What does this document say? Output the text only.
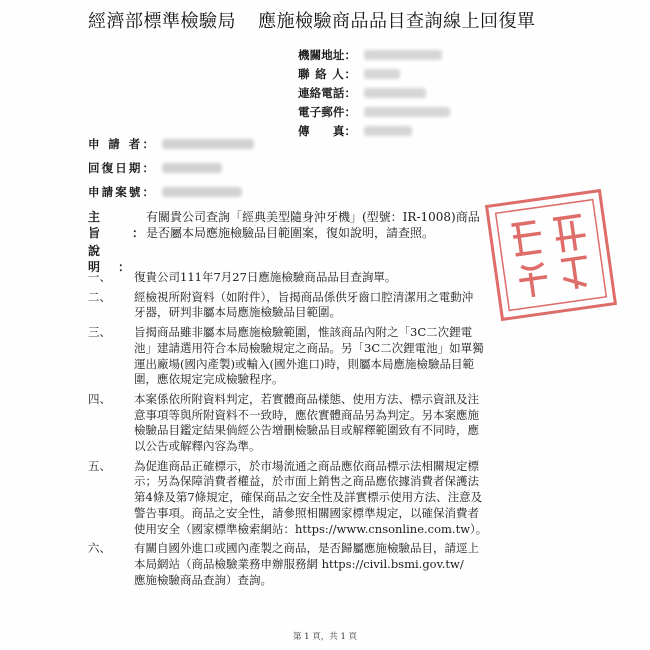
經濟部標準檢驗局 應施檢驗商品品目查詢線上回復單
機關地址：
聯 絡 人：
連絡電話：
電子郵件：
傳　　真：
申 請 者：
回復日期：
申請案號：
主　　旨：
有關貴公司查詢「經典美型隨身沖牙機」(型號：IR-1008)商品
是否屬本局應施檢驗品目範圍案，復如說明，請查照。
說　　明：
一、 復貴公司111年7月27日應施檢驗商品品目查詢單。
二、 經檢視所附資料（如附件），旨揭商品係供牙齒口腔清潔用之電動沖
牙器，研判非屬本局應施檢驗品目範圍。
三、 旨揭商品雖非屬本局應施檢驗範圍，惟該商品內附之「3C二次鋰電
池」建請選用符合本局檢驗規定之商品。另「3C二次鋰電池」如單獨
運出廠場(國內產製)或輸入(國外進口)時，則屬本局應施檢驗品目範
圍，應依規定完成檢驗程序。
四、 本案係依所附資料判定，若實體商品樣態、使用方法、標示資訊及注
意事項等與所附資料不一致時，應依實體商品另為判定。另本案應施
檢驗品目鑑定結果倘經公告增刪檢驗品目或解釋範圍致有不同時，應
以公告或解釋內容為準。
五、 為促進商品正確標示，於市場流通之商品應依商品標示法相關規定標
示；另為保障消費者權益，於市面上銷售之商品應依據消費者保護法
第4條及第7條規定，確保商品之安全性及詳實標示使用方法、注意及
警告事項。商品之安全性，請參照相關國家標準規定，以確保消費者
使用安全（國家標準檢索網站：https://www.cnsonline.com.tw）。
六、 有關自國外進口或國內產製之商品，是否歸屬應施檢驗品目，請逕上
本局網站（商品檢驗業務申辦服務網 https://civil.bsmi.gov.tw/
應施檢驗商品查詢）查詢。
第 1 頁，共 1 頁
